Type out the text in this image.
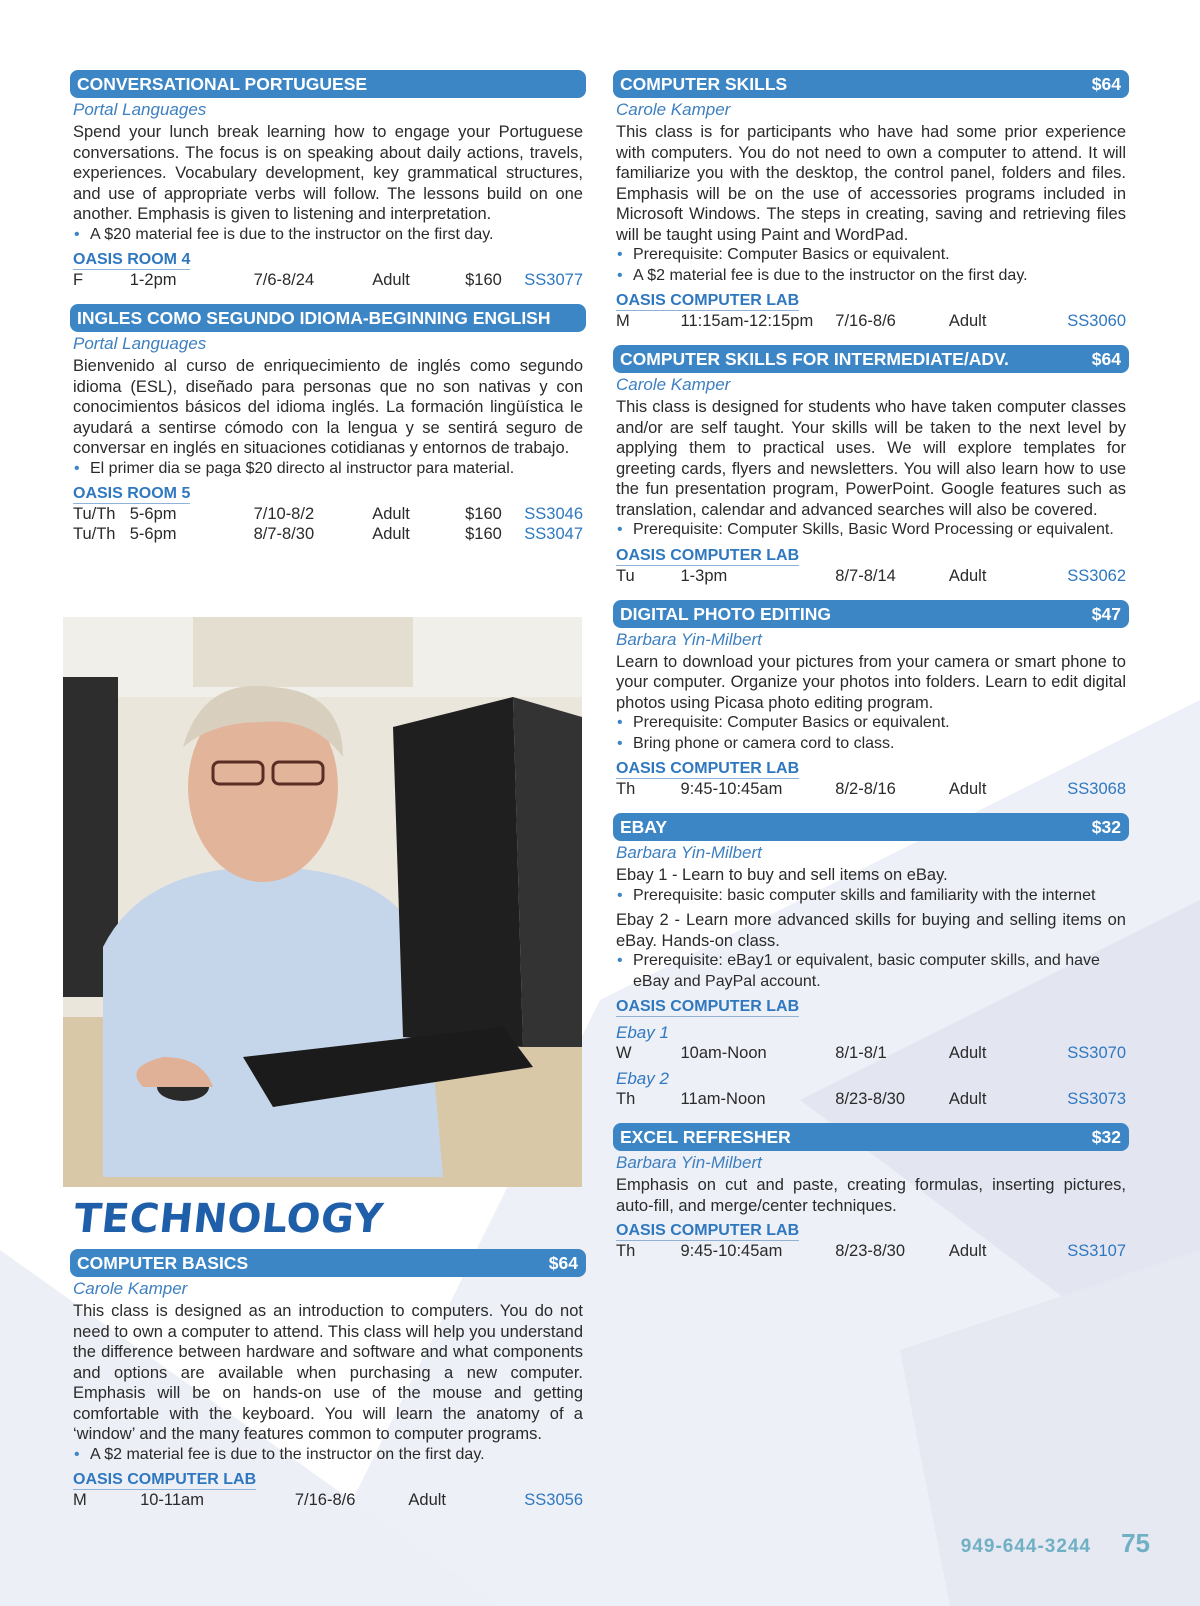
CONVERSATIONAL PORTUGUESE
Portal Languages
Spend your lunch break learning how to engage your Portuguese conversations. The focus is on speaking about daily actions, travels, experiences. Vocabulary development, key grammatical structures, and use of appropriate verbs will follow. The lessons build on one another. Emphasis is given to listening and interpretation.
• A $20 material fee is due to the instructor on the first day.
OASIS ROOM 4
F	1-2pm	7/6-8/24	Adult	$160	SS3077
INGLES COMO SEGUNDO IDIOMA-BEGINNING ENGLISH
Portal Languages
Bienvenido al curso de enriquecimiento de inglés como segundo idioma (ESL), diseñado para personas que no son nativas y con conocimientos básicos del idioma inglés. La formación lingüística le ayudará a sentirse cómodo con la lengua y se sentirá seguro de conversar en inglés en situaciones cotidianas y entornos de trabajo.
• El primer dia se paga $20 directo al instructor para material.
OASIS ROOM 5
Tu/Th	5-6pm	7/10-8/2	Adult	$160	SS3046
Tu/Th	5-6pm	8/7-8/30	Adult	$160	SS3047
TECHNOLOGY
COMPUTER BASICS	$64
Carole Kamper
This class is designed as an introduction to computers. You do not need to own a computer to attend. This class will help you understand the difference between hardware and software and what components and options are available when purchasing a new computer. Emphasis will be on hands-on use of the mouse and getting comfortable with the keyboard. You will learn the anatomy of a ‘window’ and the many features common to computer programs.
• A $2 material fee is due to the instructor on the first day.
OASIS COMPUTER LAB
M	10-11am	7/16-8/6	Adult	SS3056
COMPUTER SKILLS	$64
Carole Kamper
This class is for participants who have had some prior experience with computers. You do not need to own a computer to attend. It will familiarize you with the desktop, the control panel, folders and files. Emphasis will be on the use of accessories programs included in Microsoft Windows. The steps in creating, saving and retrieving files will be taught using Paint and WordPad.
• Prerequisite: Computer Basics or equivalent.
• A $2 material fee is due to the instructor on the first day.
OASIS COMPUTER LAB
M	11:15am-12:15pm	7/16-8/6	Adult	SS3060
COMPUTER SKILLS FOR INTERMEDIATE/ADV.	$64
Carole Kamper
This class is designed for students who have taken computer classes and/or are self taught. Your skills will be taken to the next level by applying them to practical uses. We will explore templates for greeting cards, flyers and newsletters. You will also learn how to use the fun presentation program, PowerPoint. Google features such as translation, calendar and advanced searches will also be covered.
• Prerequisite: Computer Skills, Basic Word Processing or equivalent.
OASIS COMPUTER LAB
Tu	1-3pm	8/7-8/14	Adult	SS3062
DIGITAL PHOTO EDITING	$47
Barbara Yin-Milbert
Learn to download your pictures from your camera or smart phone to your computer. Organize your photos into folders. Learn to edit digital photos using Picasa photo editing program.
• Prerequisite: Computer Basics or equivalent.
• Bring phone or camera cord to class.
OASIS COMPUTER LAB
Th	9:45-10:45am	8/2-8/16	Adult	SS3068
EBAY	$32
Barbara Yin-Milbert
Ebay 1 - Learn to buy and sell items on eBay.
• Prerequisite: basic computer skills and familiarity with the internet
Ebay 2 - Learn more advanced skills for buying and selling items on eBay. Hands-on class.
• Prerequisite: eBay1 or equivalent, basic computer skills, and have eBay and PayPal account.
OASIS COMPUTER LAB
Ebay 1
W	10am-Noon	8/1-8/1	Adult	SS3070
Ebay 2
Th	11am-Noon	8/23-8/30	Adult	SS3073
EXCEL REFRESHER	$32
Barbara Yin-Milbert
Emphasis on cut and paste, creating formulas, inserting pictures, auto-fill, and merge/center techniques.
OASIS COMPUTER LAB
Th	9:45-10:45am	8/23-8/30	Adult	SS3107
949-644-3244 75
